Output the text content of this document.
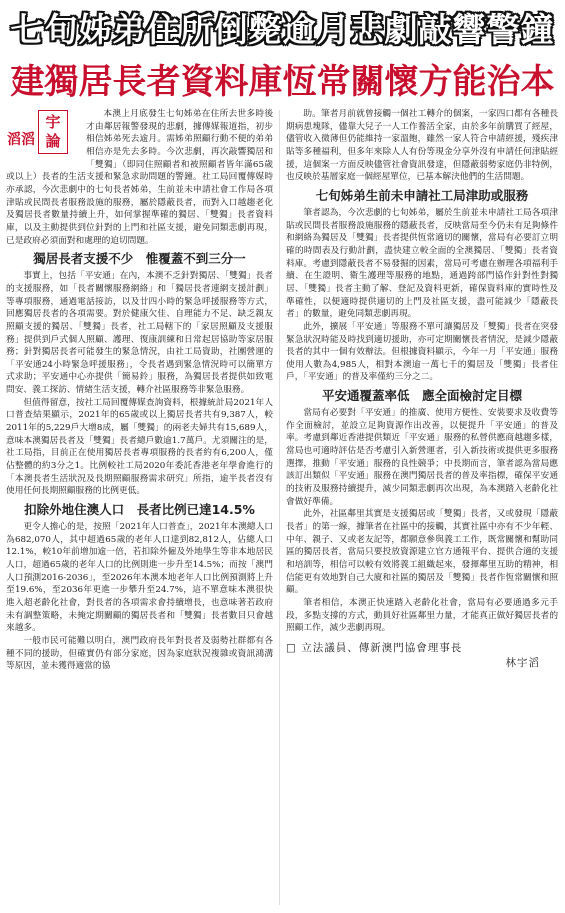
七旬姊弟住所倒斃逾月悲劇敲響警鐘
建獨居長者資料庫恆常關懷方能治本
滔滔
宇論

本澳上月底發生七旬姊弟在住所去世多時後才由鄰居報警發現的悲劇，據傳媒報道指，初步相信姊弟死去逾月。需姊弟照顧行動不便的弟弟相信亦是先去多時。今次悲劇，再次敲響獨居和「雙獨」（即同住照顧者和被照顧者皆年滿65歲或以上）長者的生活支援和緊急求助問題的警鐘。社工局回覆傳媒時亦承認，今次悲劇中的七旬長者姊弟，生前並未申請社會工作局各項津貼或民間長者服務設施的服務，屬於隱蔽長者，而對入口越趨老化及獨居長者數量持續上升，如何掌握準確的獨居、「雙獨」長者資料庫，以及主動提供到位針對的上門和社區支援，避免同類悲劇再現，已是政府必須面對和處理的迫切問題。

獨居長者支援不少　惟覆蓋不到三分一

事實上，包括「平安通」在內，本澳不乏針對獨居、「雙獨」長者的支援服務，如「長者關懷服務網絡」和「獨居長者連網支援計劃」等專項服務，通過電話接訪，以及廿四小時的緊急呼援服務等方式，回應獨居長者的各項需要。對於健康欠佳、自理能力不足、缺乏親友照顧支援的獨居、「雙獨」長者，社工局轄下的「家居照顧及支援服務」提供到戶式個人照顧、護理、復康訓練和日常起居協助等家居服務；針對獨居長者可能發生的緊急情況，由社工局資助，社團營運的「平安通24小時緊急呼援服務」，令長者遇到緊急情況時可以簡單方式求助；平安通中心亦提供「簡易鈴」服務，為獨居長者提供如致電問安、義工探訪、情緒生活支援，轉介社區服務等非緊急服務。

但值得留意，按社工局回覆傳媒查詢資料，根據統計局2021年人口普查結果顯示，2021年的65歲或以上獨居長者共有9,387人，較2011年的5,229戶大增8成，屬「雙獨」的兩老夫婦共有15,689人，意味本澳獨居長者及「雙獨」長者總戶數逾1.7萬戶。尤須關注的是，社工局指，目前正在使用獨居長者專項服務的長者約有6,200人，僅佔整體的約3分之1。比例較社工局2020年委託香港老年學會進行的「本澳長者生活狀況及長期照顧服務需求研究」所指，逾半長者沒有使用任何長期照顧服務的比例更低。

扣除外地住澳人口　長者比例已達14.5%

更令人擔心的是，按照「2021年人口普查」，2021年本澳總人口為682,070人，其中超過65歲的老年人口達到82,812人，佔總人口12.1%，較10年前增加逾一倍，若扣除外僱及外地學生等非本地居民人口，超過65歲的老年人口的比例則進一步升至14.5%；而按「澳門人口預測2016-2036」，至2026年本澳本地老年人口比例預測將上升至19.6%，至2036年更進一步攀升至24.7%，這不單意味本澳很快進入超老齡化社會，對長者的各項需求會持續增長，也意味著若政府未有調整策略，未掩定期關顧的獨居長者和「雙獨」長者數目只會越來越多。

一般市民可能難以明白，澳門政府長年對長者及弱勢社群都有各種不同的援助，但確實仍有部分家庭，因為家庭狀況複雜或資訊鴻溝等原因，並未獲得適當的協

助。筆者月前就曾接觸一個社工轉介的個案，一家四口都有各種長期病患塊隊，儘靠大兒子一人工作養活全家，由於多年前購買了經屋，儘管收入微薄但仍能維持一家溫飽，雖然一家人符合申請經援，殘疾津貼等多種福利，但多年來除人人有份等現金分享外沒有申請任何津貼經援，這個案一方面反映儘管社會資訊發達，但隱蔽弱勢家庭仍非特例，也反映於基層家庭一個經屋單位，已基本解決他們的生活問題。

七旬姊弟生前未申請社工局津助或服務

筆者認為，今次悲劇的七旬姊弟，屬於生前並未申請社工局各項津貼或民間長者服務設施服務的隱蔽長者，反映當局至今仍未有足夠條件和網絡為獨居及「雙獨」長者提供恆常適切的關懷，當局有必要訂立明確的時間表及行動計劃，盡快建立較全面的全澳獨居、「雙獨」長者資料庫。考慮到隱蔽長者不易發掘的因素，當局可考慮在辦理各項福利手續、在生證明、衛生護理等服務的地點，通過跨部門協作針對性對獨居、「雙獨」長者主動了解、登記及資料更新，確保資料庫的實時性及準確性，以便適時提供適切的上門及社區支援，盡可能減少「隱蔽長者」的數量，避免同類悲劇再現。

此外，擴展「平安通」等服務不單可讓獨居及「雙獨」長者在突發緊急狀況時能及時找到適切援助，亦可定期關懷長者情況，是減少隱蔽長者的其中一個有效辦法。但根據資料顯示，今年一月「平安通」服務使用人數為4,985人，相對本澳逾一萬七千的獨居及「雙獨」長者住戶，「平安通」的普及率僅約三分之二。

平安通覆蓋率低　應全面檢討定目標

當局有必要對「平安通」的推廣、使用方便性、安裝要求及收費等作全面檢討，並設立足夠資源作出改善，以便提升「平安通」的普及率。考慮到鄰近香港提供類近「平安通」服務的私營供應商越趨多樣，當局也可適時評估是否考慮引入新營運者，引入新技術或提供更多服務選擇，推動「平安通」服務的良性競爭；中長期而言，筆者認為當局應該訂出類似「平安通」服務在澳門獨居長者的普及率指標，確保平安通的技術及服務持續提升，減少同類悲劇再次出現，為本澳踏入老齡化社會做好準備。

此外，社區鄰里其實是支援獨居或「雙獨」長者，又或發現「隱蔽長者」的第一線，據筆者在社區中的接觸，其實社區中亦有不少年輕、中年、親子、又或老友記等，都願意參與義工工作，既常關懷和幫助同區的獨居長者，當局只要投放資源建立官方通報平台、提供合適的支援和培訓等，相信可以較有效將義工組織起來，發揮鄰里互助的精神，相信能更有效地對自己大廈和社區的獨居及「雙獨」長者作恆常關懷和照顧。

筆者相信，本澳正快速踏入老齡化社會，當局有必要通過多元手段，多點支撐的方式，動員好社區鄰里力量，才能真正做好獨居長者的照顧工作，減少悲劇再現。

□ 立法議員、傳新澳門協會理事長

林宇滔
